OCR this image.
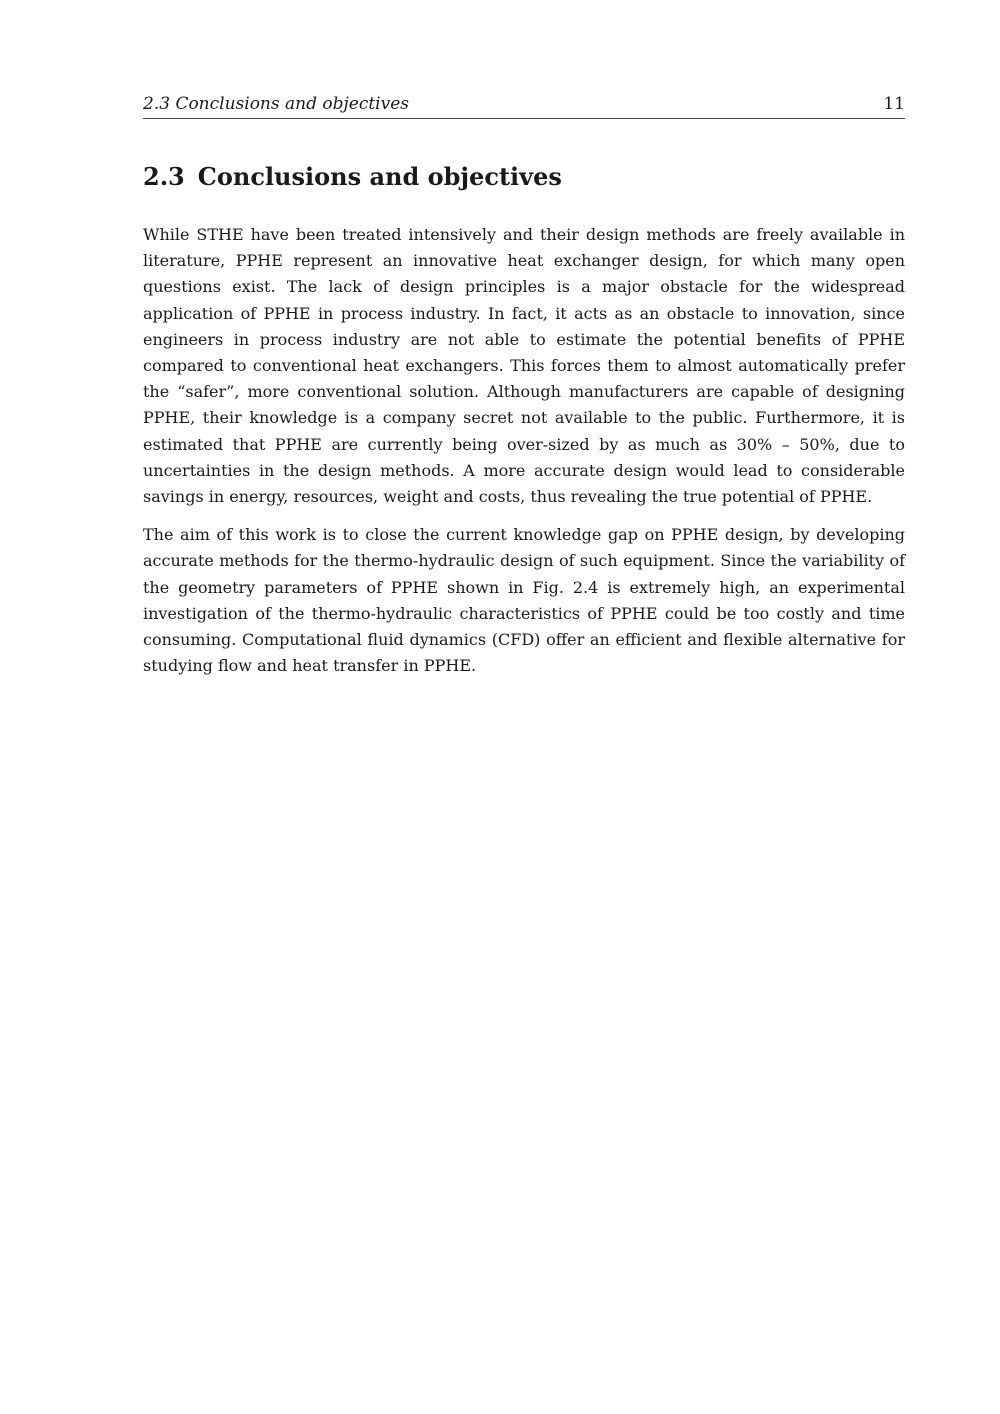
2.3 Conclusions and objectives	11
2.3 Conclusions and objectives

While STHE have been treated intensively and their design methods are freely available in literature, PPHE represent an innovative heat exchanger design, for which many open questions exist. The lack of design principles is a major obstacle for the widespread application of PPHE in process industry. In fact, it acts as an obstacle to innovation, since engineers in process industry are not able to estimate the potential benefits of PPHE compared to conventional heat exchangers. This forces them to almost automatically prefer the “safer”, more conventional solution. Although manufacturers are capable of designing PPHE, their knowledge is a company secret not available to the public. Furthermore, it is estimated that PPHE are currently being over-sized by as much as 30% – 50%, due to uncertainties in the design methods. A more accurate design would lead to considerable savings in energy, resources, weight and costs, thus revealing the true potential of PPHE.

The aim of this work is to close the current knowledge gap on PPHE design, by developing accurate methods for the thermo-hydraulic design of such equipment. Since the variability of the geometry parameters of PPHE shown in Fig. 2.4 is extremely high, an experimental investigation of the thermo-hydraulic characteristics of PPHE could be too costly and time consuming. Computational fluid dynamics (CFD) offer an efficient and flexible alternative for studying flow and heat transfer in PPHE.
